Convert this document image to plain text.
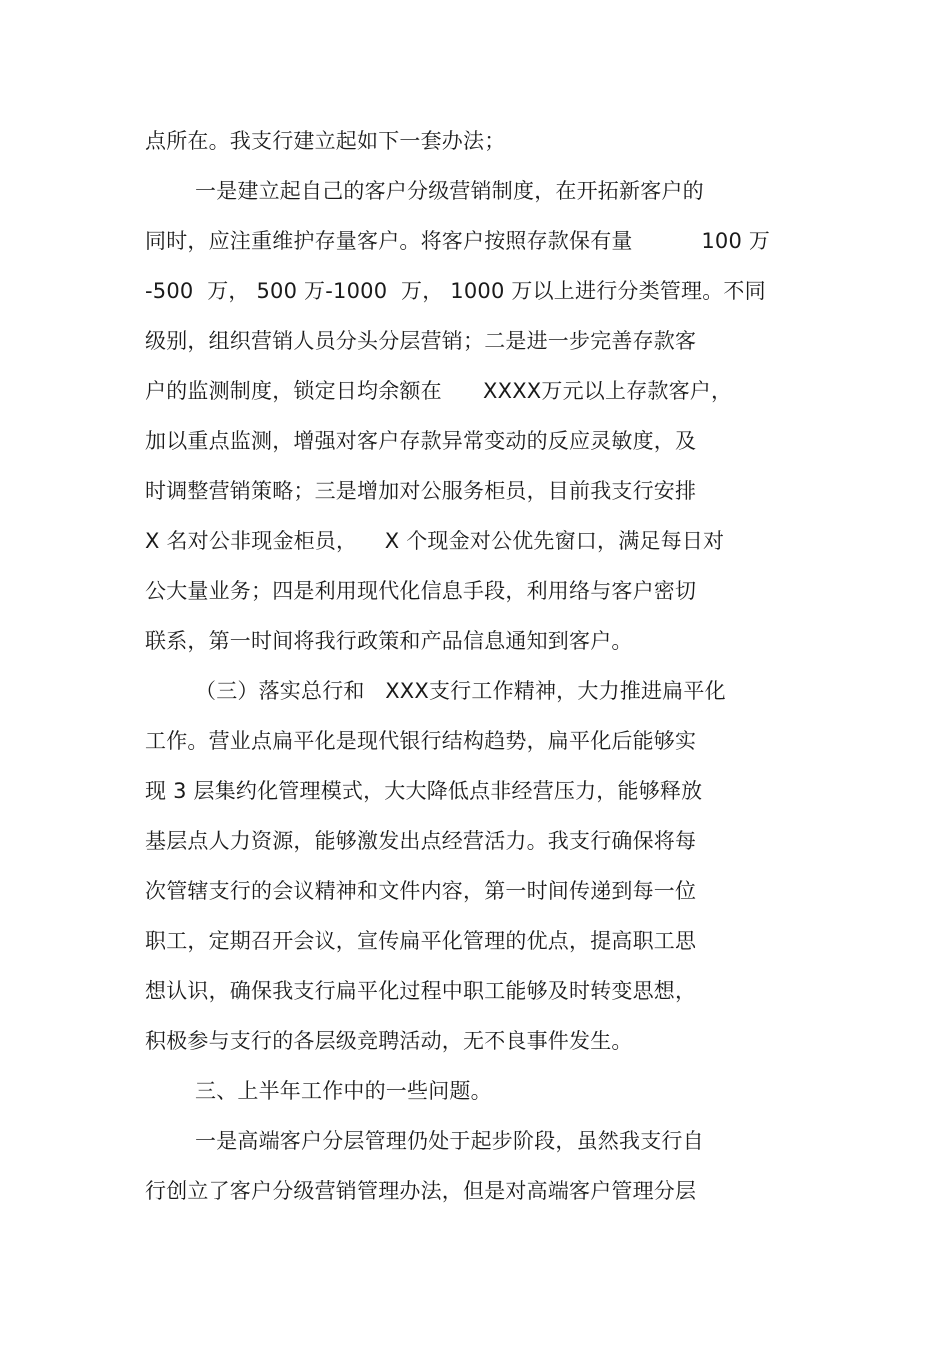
点所在。我支行建立起如下一套办法；
一是建立起自己的客户分级营销制度，在开拓新客户的
同时，应注重维护存量客户。将客户按照存款保有量          100 万
-500  万， 500 万-1000  万， 1000 万以上进行分类管理。不同
级别，组织营销人员分头分层营销；二是进一步完善存款客
户的监测制度，锁定日均余额在      XXXX万元以上存款客户，
加以重点监测，增强对客户存款异常变动的反应灵敏度，及
时调整营销策略；三是增加对公服务柜员，目前我支行安排
X 名对公非现金柜员，    X 个现金对公优先窗口，满足每日对
公大量业务；四是利用现代化信息手段，利用络与客户密切
联系，第一时间将我行政策和产品信息通知到客户。
（三）落实总行和   XXX支行工作精神，大力推进扁平化
工作。营业点扁平化是现代银行结构趋势，扁平化后能够实
现 3 层集约化管理模式，大大降低点非经营压力，能够释放
基层点人力资源，能够激发出点经营活力。我支行确保将每
次管辖支行的会议精神和文件内容，第一时间传递到每一位
职工，定期召开会议，宣传扁平化管理的优点，提高职工思
想认识，确保我支行扁平化过程中职工能够及时转变思想，
积极参与支行的各层级竞聘活动，无不良事件发生。
三、上半年工作中的一些问题。
一是高端客户分层管理仍处于起步阶段，虽然我支行自
行创立了客户分级营销管理办法，但是对高端客户管理分层
